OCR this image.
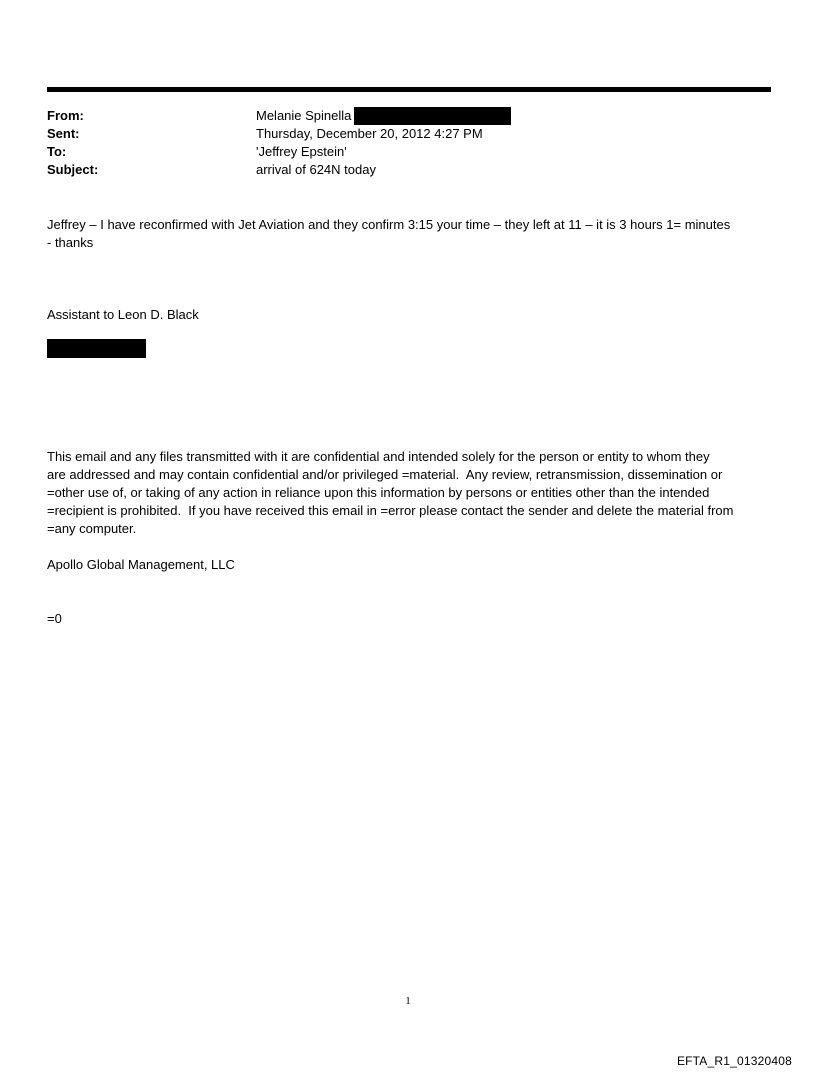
From:	Melanie Spinella
Sent:	Thursday, December 20, 2012 4:27 PM
To:	'Jeffrey Epstein'
Subject:	arrival of 624N today
Jeffrey – I have reconfirmed with Jet Aviation and they confirm 3:15 your time – they left at 11 – it is 3 hours 1= minutes
- thanks
Assistant to Leon D. Black
This email and any files transmitted with it are confidential and intended solely for the person or entity to whom they
are addressed and may contain confidential and/or privileged =material.  Any review, retransmission, dissemination or
=other use of, or taking of any action in reliance upon this information by persons or entities other than the intended
=recipient is prohibited.  If you have received this email in =error please contact the sender and delete the material from
=any computer.
Apollo Global Management, LLC
=0
1
EFTA_R1_01320408
